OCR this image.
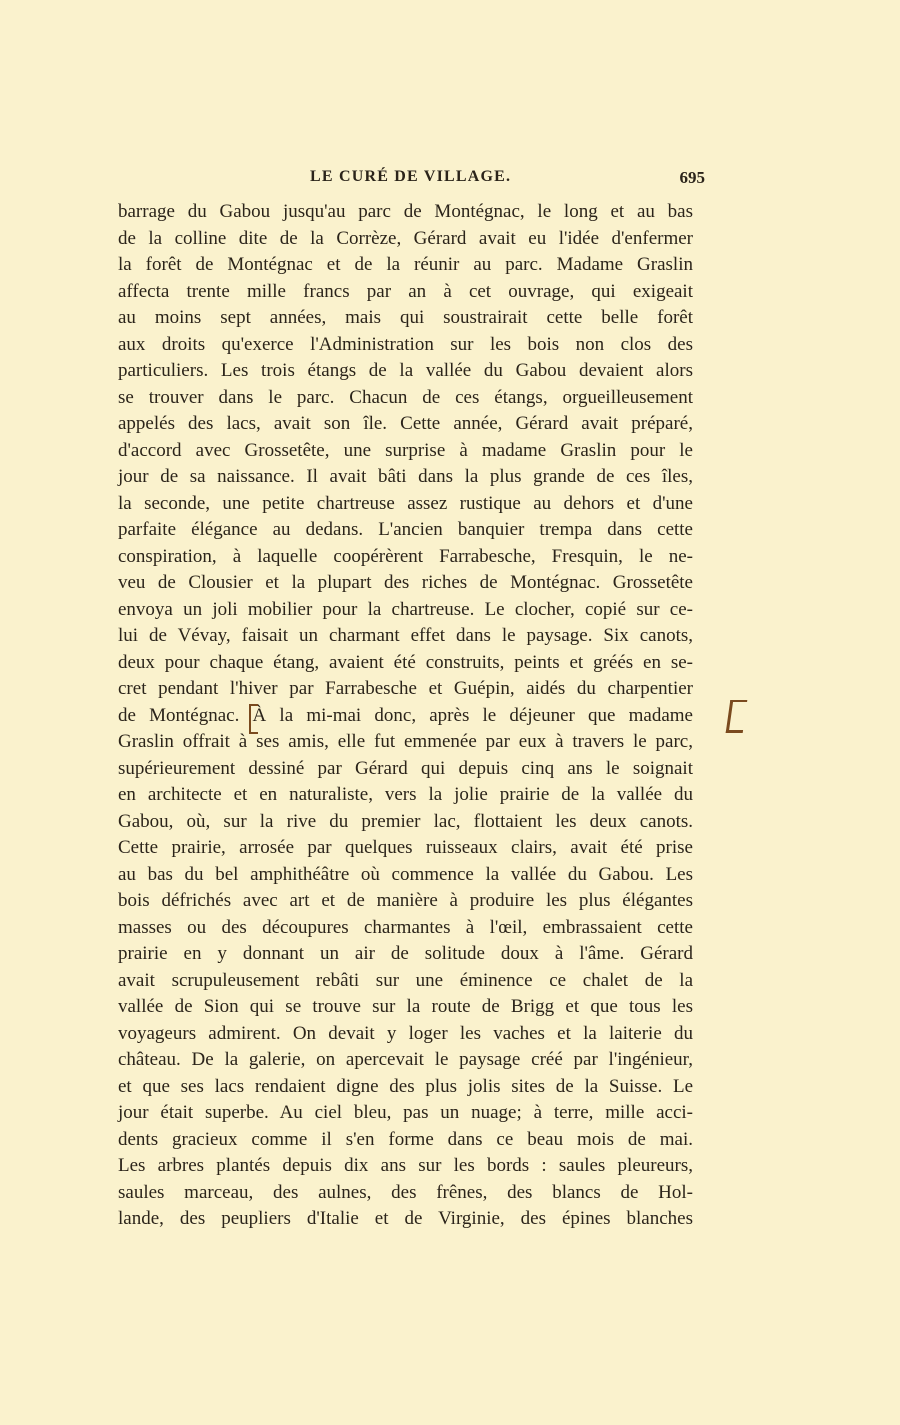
LE CURÉ DE VILLAGE.	695
barrage du Gabou jusqu'au parc de Montégnac, le long et au bas
de la colline dite de la Corrèze, Gérard avait eu l'idée d'enfermer
la forêt de Montégnac et de la réunir au parc. Madame Graslin
affecta trente mille francs par an à cet ouvrage, qui exigeait
au moins sept années, mais qui soustrairait cette belle forêt
aux droits qu'exerce l'Administration sur les bois non clos des
particuliers. Les trois étangs de la vallée du Gabou devaient alors
se trouver dans le parc. Chacun de ces étangs, orgueilleusement
appelés des lacs, avait son île. Cette année, Gérard avait préparé,
d'accord avec Grossetête, une surprise à madame Graslin pour le
jour de sa naissance. Il avait bâti dans la plus grande de ces îles,
la seconde, une petite chartreuse assez rustique au dehors et d'une
parfaite élégance au dedans. L'ancien banquier trempa dans cette
conspiration, à laquelle coopérèrent Farrabesche, Fresquin, le ne-
veu de Clousier et la plupart des riches de Montégnac. Grossetête
envoya un joli mobilier pour la chartreuse. Le clocher, copié sur ce-
lui de Vévay, faisait un charmant effet dans le paysage. Six canots,
deux pour chaque étang, avaient été construits, peints et gréés en se-
cret pendant l'hiver par Farrabesche et Guépin, aidés du charpentier
de Montégnac. À la mi-mai donc, après le déjeuner que madame
Graslin offrait à ses amis, elle fut emmenée par eux à travers le parc,
supérieurement dessiné par Gérard qui depuis cinq ans le soignait
en architecte et en naturaliste, vers la jolie prairie de la vallée du
Gabou, où, sur la rive du premier lac, flottaient les deux canots.
Cette prairie, arrosée par quelques ruisseaux clairs, avait été prise
au bas du bel amphithéâtre où commence la vallée du Gabou. Les
bois défrichés avec art et de manière à produire les plus élégantes
masses ou des découpures charmantes à l'œil, embrassaient cette
prairie en y donnant un air de solitude doux à l'âme. Gérard
avait scrupuleusement rebâti sur une éminence ce chalet de la
vallée de Sion qui se trouve sur la route de Brigg et que tous les
voyageurs admirent. On devait y loger les vaches et la laiterie du
château. De la galerie, on apercevait le paysage créé par l'ingénieur,
et que ses lacs rendaient digne des plus jolis sites de la Suisse. Le
jour était superbe. Au ciel bleu, pas un nuage; à terre, mille acci-
dents gracieux comme il s'en forme dans ce beau mois de mai.
Les arbres plantés depuis dix ans sur les bords : saules pleureurs,
saules marceau, des aulnes, des frênes, des blancs de Hol-
lande, des peupliers d'Italie et de Virginie, des épines blanches
